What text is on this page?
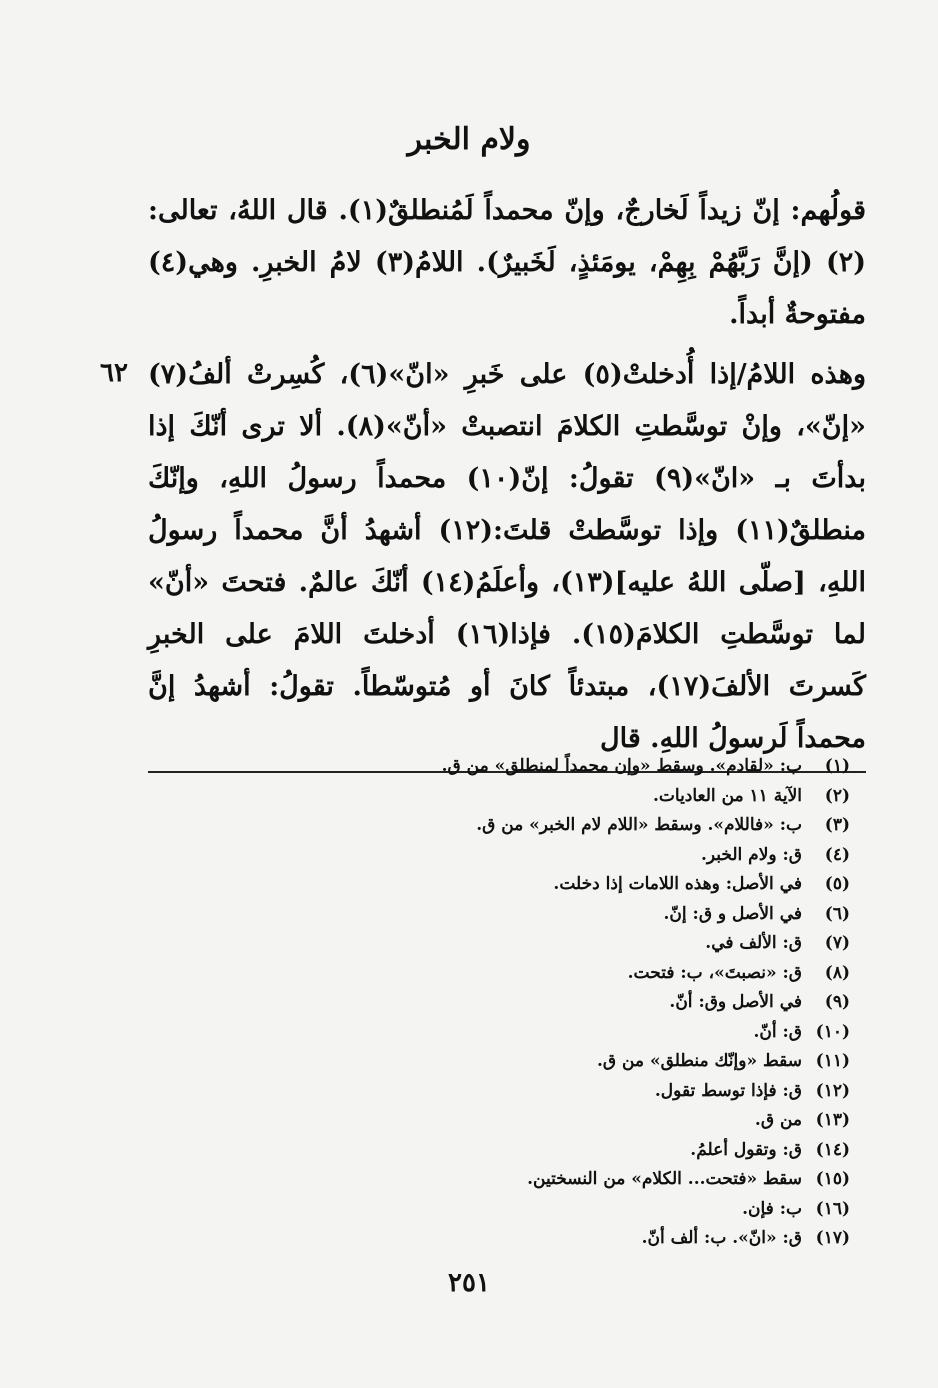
ولام الخبر
٦٢

قولُهم: إنّ زيداً لَخارجٌ، وإنّ محمداً لَمُنطلقٌ(١). قال اللهُ، تعالى:(٢) (إنَّ رَبَّهُمْ بِهِمْ، يومَئذٍ، لَخَبيرٌ). اللامُ(٣) لامُ الخبرِ. وهي(٤) مفتوحةٌ أبداً.

وهذه اللامُ/إذا أُدخلتْ(٥) على خَبرِ «انّ»(٦)، كُسِرتْ ألفُ(٧) «إنّ»، وإنْ توسَّطتِ الكلامَ انتصبتْ «أنّ»(٨). ألا ترى أنّكَ إذا بدأتَ بـ «انّ»(٩) تقولُ: إنّ(١٠) محمداً رسولُ اللهِ، وإنّكَ منطلقٌ(١١) وإذا توسَّطتْ قلتَ:(١٢) أشهدُ أنَّ محمداً رسولُ اللهِ، [صلّى اللهُ عليه](١٣)، وأعلَمُ(١٤) أنّكَ عالمٌ. فتحتَ «أنّ» لما توسَّطتِ الكلامَ(١٥). فإذا(١٦) أدخلتَ اللامَ على الخبرِ كَسرتَ الألفَ(١٧)، مبتدئاً كانَ أو مُتوسّطاً. تقولُ: أشهدُ إنَّ محمداً لَرسولُ اللهِ. قال

(١)ب: «لقادم». وسقط «وإن محمداً لمنطلق» من ق.
(٢)الآية ١١ من العاديات.
(٣)ب: «فاللام». وسقط «اللام لام الخبر» من ق.
(٤)ق: ولام الخبر.
(٥)في الأصل: وهذه اللامات إذا دخلت.
(٦)في الأصل و ق: إنّ.
(٧)ق: الألف في.
(٨)ق: «نصبتَ»، ب: فتحت.
(٩)في الأصل وق: أنّ.
(١٠)ق: أنّ.
(١١)سقط «وإنّك منطلق» من ق.
(١٢)ق: فإذا توسط تقول.
(١٣)من ق.
(١٤)ق: وتقول أعلمُ.
(١٥)سقط «فتحت... الكلام» من النسختين.
(١٦)ب: فإن.
(١٧)ق: «انّ». ب: ألف أنّ.
٢٥١
